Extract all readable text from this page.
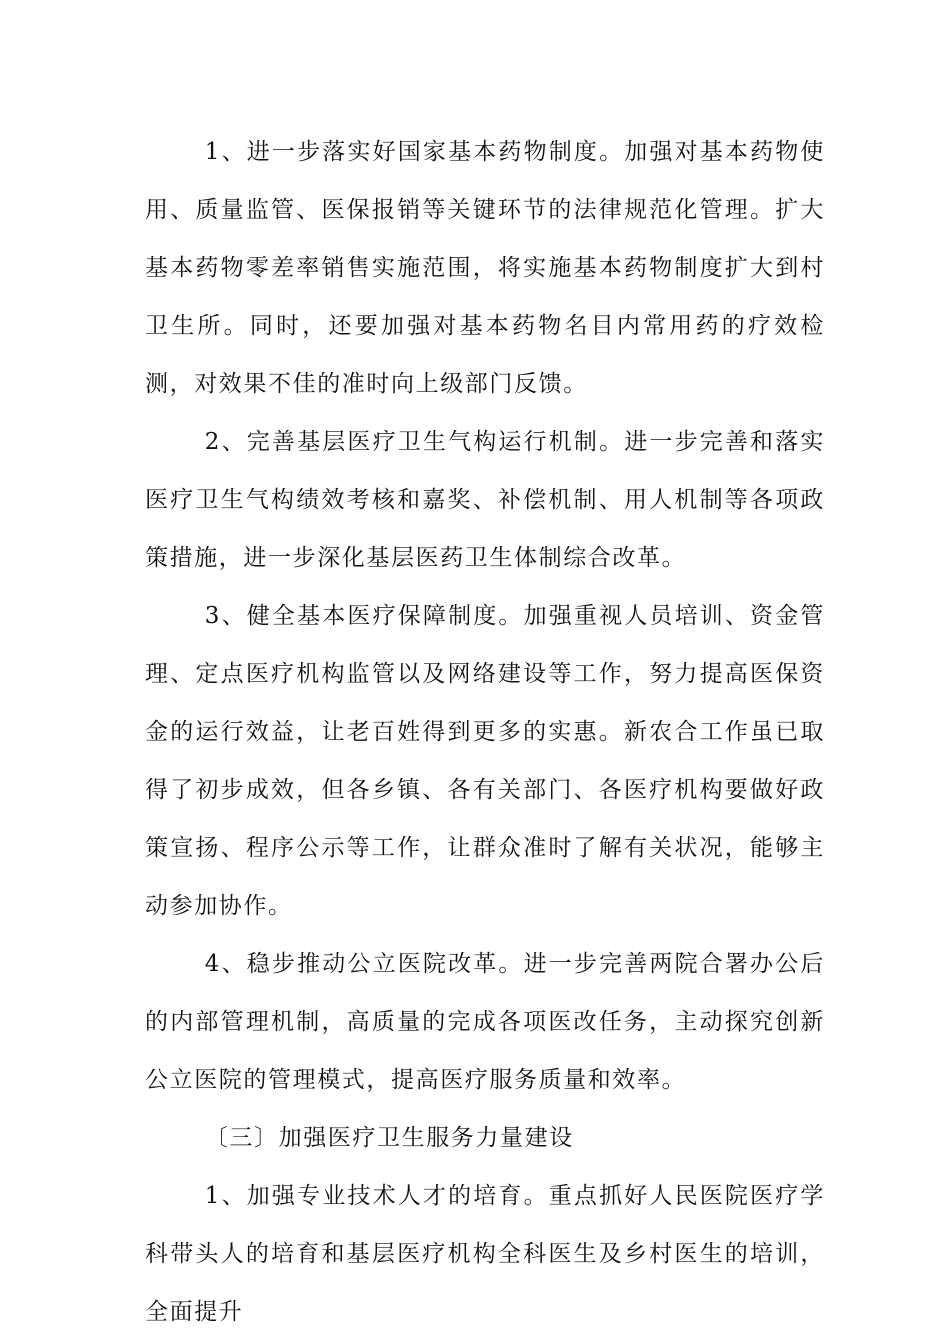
1、进一步落实好国家基本药物制度。加强对基本药物使用、质量监管、医保报销等关键环节的法律规范化管理。扩大基本药物零差率销售实施范围，将实施基本药物制度扩大到村卫生所。同时，还要加强对基本药物名目内常用药的疗效检测，对效果不佳的准时向上级部门反馈。

2、完善基层医疗卫生气构运行机制。进一步完善和落实医疗卫生气构绩效考核和嘉奖、补偿机制、用人机制等各项政策措施，进一步深化基层医药卫生体制综合改革。

3、健全基本医疗保障制度。加强重视人员培训、资金管理、定点医疗机构监管以及网络建设等工作，努力提高医保资金的运行效益，让老百姓得到更多的实惠。新农合工作虽已取得了初步成效，但各乡镇、各有关部门、各医疗机构要做好政策宣扬、程序公示等工作，让群众准时了解有关状况，能够主动参加协作。

4、稳步推动公立医院改革。进一步完善两院合署办公后的内部管理机制，高质量的完成各项医改任务，主动探究创新公立医院的管理模式，提高医疗服务质量和效率。

〔三〕加强医疗卫生服务力量建设

1、加强专业技术人才的培育。重点抓好人民医院医疗学科带头人的培育和基层医疗机构全科医生及乡村医生的培训，全面提升
